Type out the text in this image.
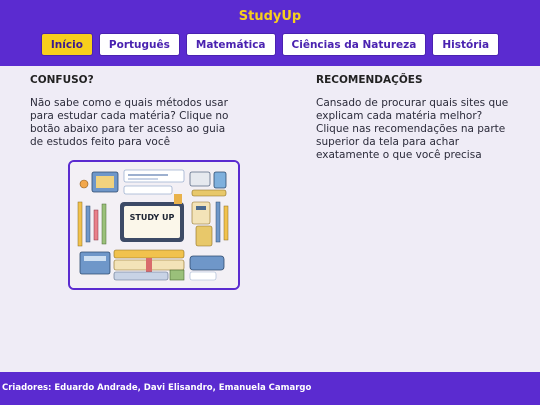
StudyUp
Início	Português	Matemática	Ciências da Natureza	História
CONFUSO?
Não sabe como e quais métodos usar para estudar cada matéria? Clique no botão abaixo para ter acesso ao guia de estudos feito para você
RECOMENDAÇÕES
Cansado de procurar quais sites que explicam cada matéria melhor? Clique nas recomendações na parte superior da tela para achar exatamente o que você precisa
STUDY UP
Criadores: Eduardo Andrade, Davi Elisandro, Emanuela Camargo
